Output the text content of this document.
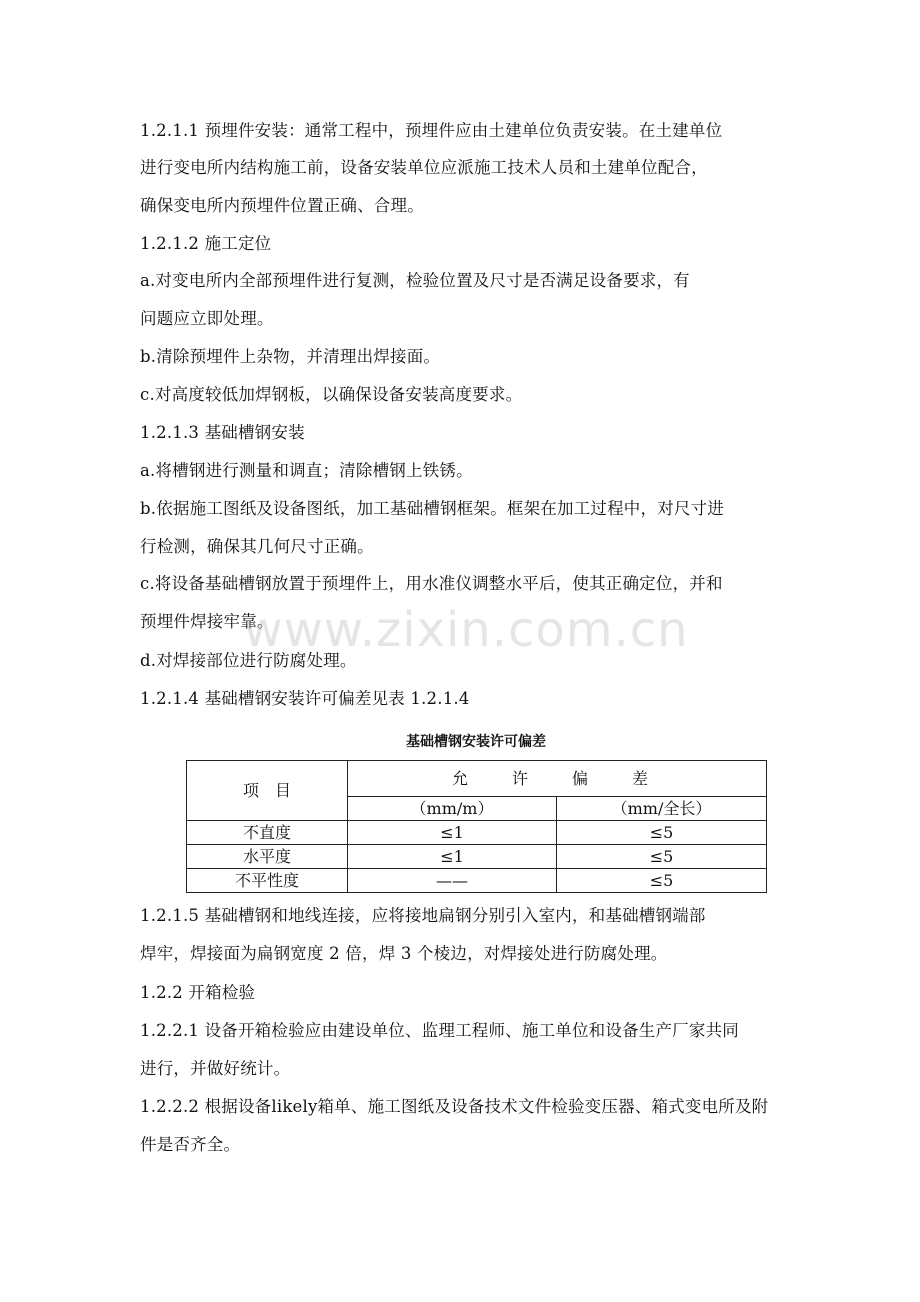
1.2.1.1 预埋件安装：通常工程中，预埋件应由土建单位负责安装。在土建单位
进行变电所内结构施工前，设备安装单位应派施工技术人员和土建单位配合，
确保变电所内预埋件位置正确、合理。
1.2.1.2 施工定位
a.对变电所内全部预埋件进行复测，检验位置及尺寸是否满足设备要求，有
问题应立即处理。
b.清除预埋件上杂物，并清理出焊接面。
c.对高度较低加焊钢板，以确保设备安装高度要求。
1.2.1.3 基础槽钢安装
a.将槽钢进行测量和调直；清除槽钢上铁锈。
b.依据施工图纸及设备图纸，加工基础槽钢框架。框架在加工过程中，对尺寸进
行检测，确保其几何尺寸正确。
c.将设备基础槽钢放置于预埋件上，用水准仪调整水平后，使其正确定位，并和
预埋件焊接牢靠。
d.对焊接部位进行防腐处理。
1.2.1.4 基础槽钢安装许可偏差见表 1.2.1.4
基础槽钢安装许可偏差
项　目	允　许　偏　差	
	（mm/m）	（mm/全长）
不直度	≤1	≤5
水平度	≤1	≤5
不平性度	——	≤5
1.2.1.5 基础槽钢和地线连接，应将接地扁钢分别引入室内，和基础槽钢端部
焊牢，焊接面为扁钢宽度 2 倍，焊 3 个棱边，对焊接处进行防腐处理。
1.2.2 开箱检验
1.2.2.1 设备开箱检验应由建设单位、监理工程师、施工单位和设备生产厂家共同
进行，并做好统计。
1.2.2.2 根据设备likely箱单、施工图纸及设备技术文件检验变压器、箱式变电所及附
件是否齐全。
www.zixin.com.cn
